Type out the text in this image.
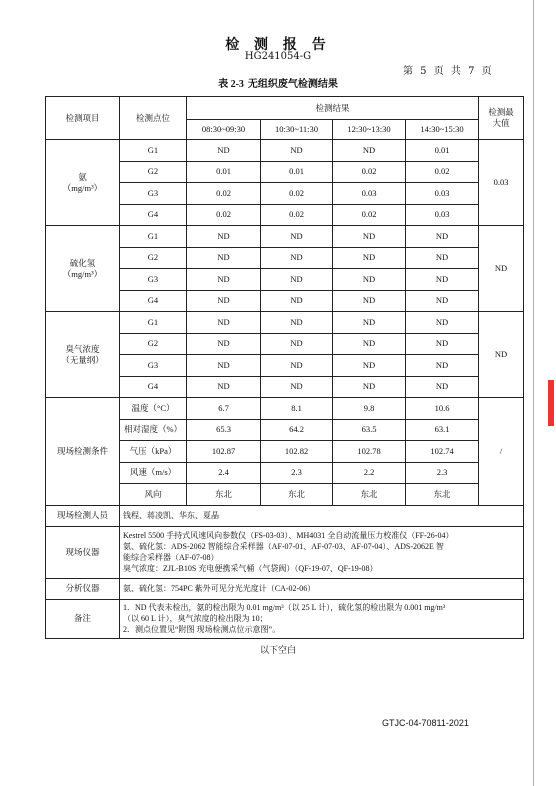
检 测 报 告
HG241054-G
第 5 页 共 7 页
表 2-3 无组织废气检测结果
检测项目	检测点位	检测结果				检测最大值
		08:30~09:30	10:30~11:30	12:30~13:30	14:30~15:30	

氨
（mg/m³）	G1	ND	ND	ND	0.01	0.03
	G2	0.01	0.01	0.02	0.02	
	G3	0.02	0.02	0.03	0.03	
	G4	0.02	0.02	0.02	0.03	

硫化氢
（mg/m³）	G1	ND	ND	ND	ND	ND
	G2	ND	ND	ND	ND	
	G3	ND	ND	ND	ND	
	G4	ND	ND	ND	ND	

臭气浓度
（无量纲）	G1	ND	ND	ND	ND	ND
	G2	ND	ND	ND	ND	
	G3	ND	ND	ND	ND	
	G4	ND	ND	ND	ND	
现场检测条件	温度（°C）	6.7	8.1	9.8	10.6	/
	相对湿度（%）	65.3	64.2	63.5	63.1	
	气压（kPa）	102.87	102.82	102.78	102.74	
	风速（m/s）	2.4	2.3	2.2	2.3	
	风向	东北	东北	东北	东北	
现场检测人员	钱程、蒋凌凯、华东、夏晶					
现场仪器	Kestrel 5500 手持式风速风向参数仪（FS-03-03）、MH4031 全自动流量压力校准仪（FF-26-04）
氨、硫化氢：ADS-2062 智能综合采样器（AF-07-01、AF-07-03、AF-07-04）、ADS-2062E 智
能综合采样器（AF-07-08）
臭气浓度：ZJL-B10S 充电便携采气桶（气袋阀）（QF-19-07、QF-19-08）					

分析仪器	氨、硫化氢：754PC 紫外可见分光光度计（CA-02-06）					
备注	1．ND 代表未检出，氨的检出限为 0.01 mg/m³（以 25 L 计），硫化氢的检出限为 0.001 mg/m³
（以 60 L 计），臭气浓度的检出限为 10；
2．测点位置见“附图 现场检测点位示意图”。					
以下空白
GTJC-04-70811-2021
